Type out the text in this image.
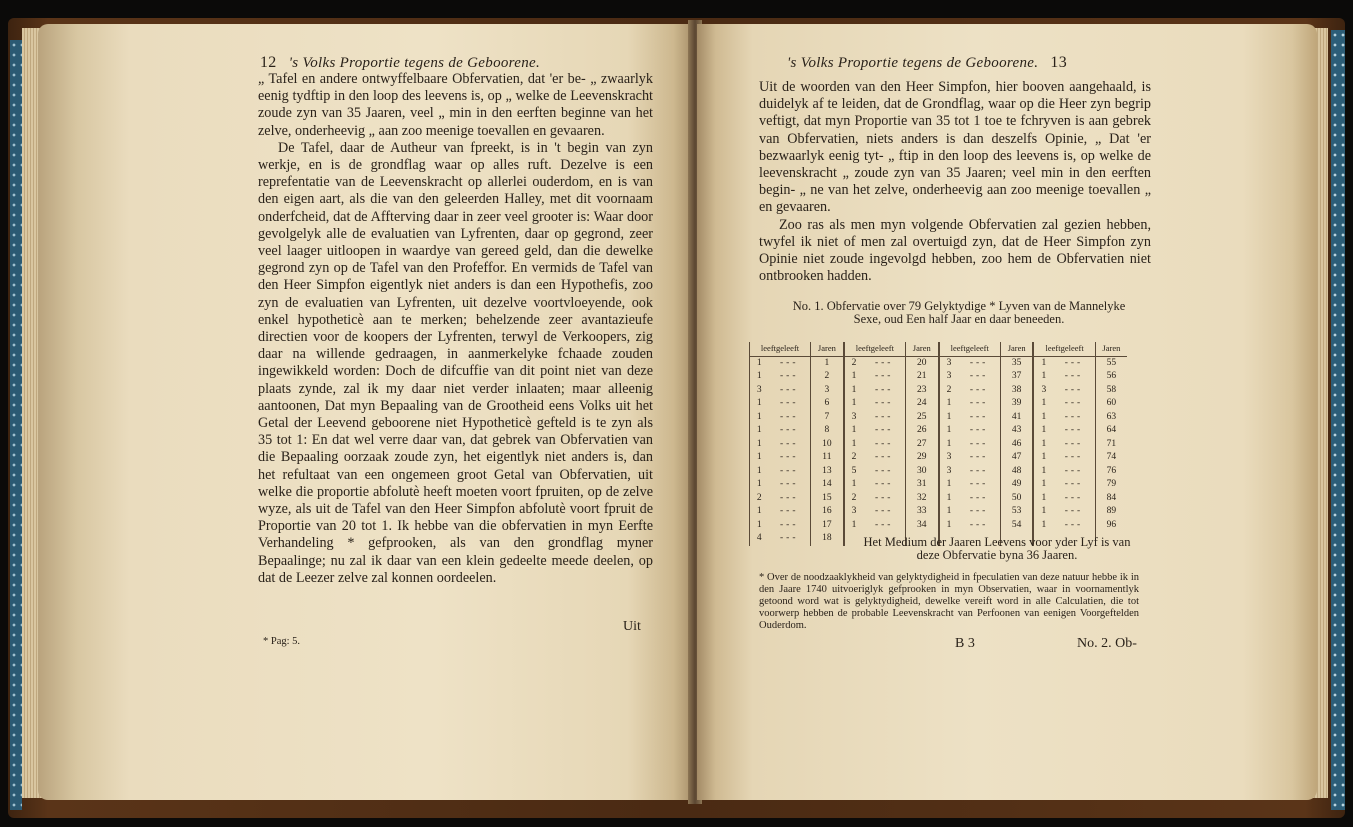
12 's Volks Proportie tegens de Geboorene.

„ Tafel en andere ontwyffelbaare Obfervatien, dat 'er be- „ zwaarlyk eenig tydftip in den loop des leevens is, op „ welke de Leevenskracht zoude zyn van 35 Jaaren, veel „ min in den eerften beginne van het zelve, onderheevig „ aan zoo meenige toevallen en gevaaren.

De Tafel, daar de Autheur van fpreekt, is in 't begin van zyn werkje, en is de grondflag waar op alles ruft. Dezelve is een reprefentatie van de Leevenskracht op allerlei ouderdom, en is van den eigen aart, als die van den geleerden Halley, met dit voornaam onderfcheid, dat de Affterving daar in zeer veel grooter is: Waar door gevolgelyk alle de evaluatien van Lyfrenten, daar op gegrond, zeer veel laager uitloopen in waardye van gereed geld, dan die dewelke gegrond zyn op de Tafel van den Profeffor. En vermids de Tafel van den Heer Simpfon eigentlyk niet anders is dan een Hypothefis, zoo zyn de evaluatien van Lyfrenten, uit dezelve voortvloeyende, ook enkel hypotheticè aan te merken; behelzende zeer avantazieufe directien voor de koopers der Lyfrenten, terwyl de Verkoopers, zig daar na willende gedraagen, in aanmerkelyke fchaade zouden ingewikkeld worden: Doch de difcuffie van dit point niet van deze plaats zynde, zal ik my daar niet verder inlaaten; maar alleenig aantoonen, Dat myn Bepaaling van de Grootheid eens Volks uit het Getal der Leevend geboorene niet Hypotheticè gefteld is te zyn als 35 tot 1: En dat wel verre daar van, dat gebrek van Obfervatien van die Bepaaling oorzaak zoude zyn, het eigentlyk niet anders is, dan het refultaat van een ongemeen groot Getal van Obfervatien, uit welke die proportie abfolutè heeft moeten voort fpruiten, op de zelve wyze, als uit de Tafel van den Heer Simpfon abfolutè voort fpruit de Proportie van 20 tot 1. Ik hebbe van die obfervatien in myn Eerfte Verhandeling * gefprooken, als van den grondflag myner Bepaalinge; nu zal ik daar van een klein gedeelte meede deelen, op dat de Leezer zelve zal konnen oordeelen.

Uit
* Pag: 5.
's Volks Proportie tegens de Geboorene. 13

Uit de woorden van den Heer Simpfon, hier booven aangehaald, is duidelyk af te leiden, dat de Grondflag, waar op die Heer zyn begrip veftigt, dat myn Proportie van 35 tot 1 toe te fchryven is aan gebrek van Obfervatien, niets anders is dan deszelfs Opinie, „ Dat 'er bezwaarlyk eenig tyt- „ ftip in den loop des leevens is, op welke de leevenskracht „ zoude zyn van 35 Jaaren; veel min in den eerften begin- „ ne van het zelve, onderheevig aan zoo meenige toevallen „ en gevaaren.

Zoo ras als men myn volgende Obfervatien zal gezien hebben, twyfel ik niet of men zal overtuigd zyn, dat de Heer Simpfon zyn Opinie niet zoude ingevolgd hebben, zoo hem de Obfervatien niet ontbrooken hadden.

No. 1. Obfervatie over 79 Gelyktydige * Lyven van de Mannelyke
Sexe, oud Een half Jaar en daar beneeden.
leeftgeleeft		Jaren	leeftgeleeft		Jaren	leeftgeleeft		Jaren	leeftgeleeft		Jaren
1	---	1	2	---	20	3	---	35	1	---	55
1	---	2	1	---	21	3	---	37	1	---	56
3	---	3	1	---	23	2	---	38	3	---	58
1	---	6	1	---	24	1	---	39	1	---	60
1	---	7	3	---	25	1	---	41	1	---	63
1	---	8	1	---	26	1	---	43	1	---	64
1	---	10	1	---	27	1	---	46	1	---	71
1	---	11	2	---	29	3	---	47	1	---	74
1	---	13	5	---	30	3	---	48	1	---	76
1	---	14	1	---	31	1	---	49	1	---	79
2	---	15	2	---	32	1	---	50	1	---	84
1	---	16	3	---	33	1	---	53	1	---	89
1	---	17	1	---	34	1	---	54	1	---	96
4	---	18										Het Medium der Jaaren Leevens voor yder Lyf is van
deze Obfervatie byna 36 Jaaren.
* Over de noodzaaklykheid van gelyktydigheid in fpeculatien van deze natuur hebbe ik in den Jaare 1740 uitvoeriglyk gefprooken in myn Observatien, waar in voornamentlyk getoond word wat is gelyktydigheid, dewelke vereift word in alle Calculatien, die tot voorwerp hebben de probable Leevenskracht van Perfoonen van eenigen Voorgeftelden Ouderdom.
B 3	No. 2. Ob-
